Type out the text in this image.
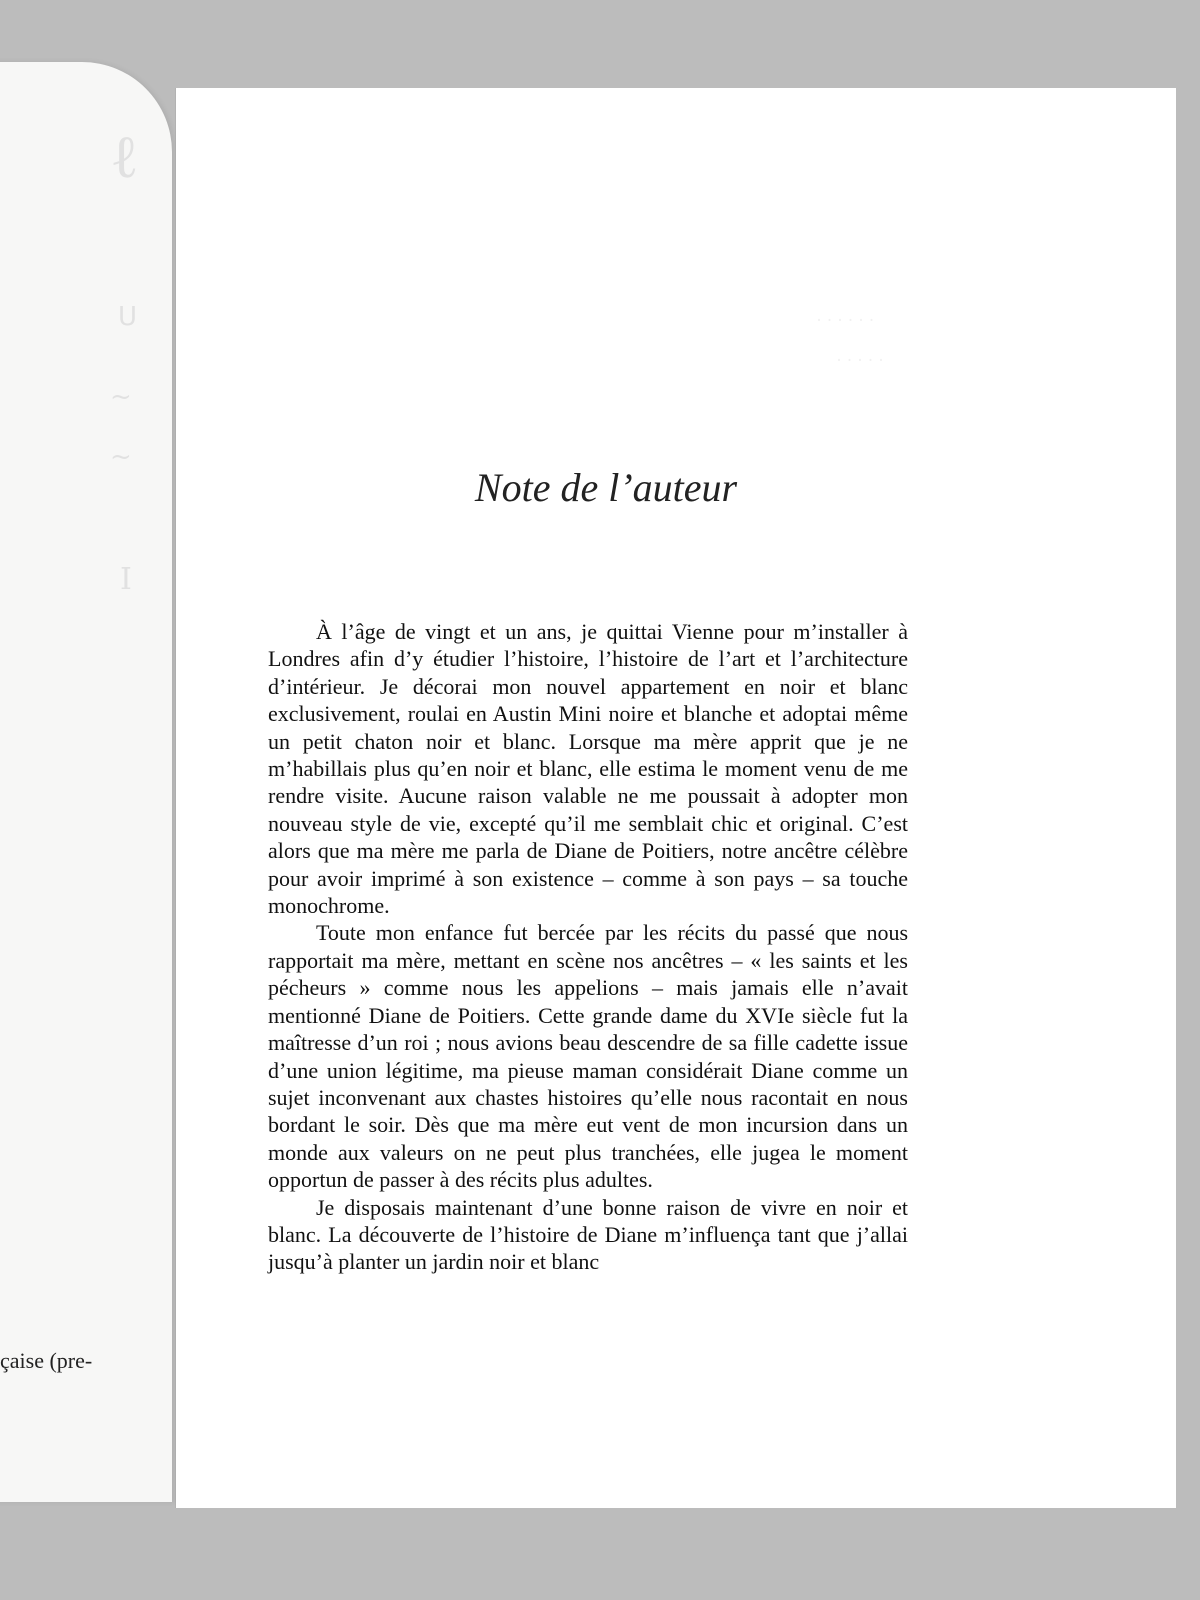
ℓ
ᑌ
~
~
I
çaise (pre-
· · · · · ·
· · · · ·
Note de l’auteur

À l’âge de vingt et un ans, je quittai Vienne pour m’installer à Londres afin d’y étudier l’histoire, l’histoire de l’art et l’architecture d’intérieur. Je décorai mon nouvel appartement en noir et blanc exclusivement, roulai en Austin Mini noire et blanche et adoptai même un petit chaton noir et blanc. Lorsque ma mère apprit que je ne m’habillais plus qu’en noir et blanc, elle estima le moment venu de me rendre visite. Aucune raison valable ne me poussait à adopter mon nouveau style de vie, excepté qu’il me semblait chic et original. C’est alors que ma mère me parla de Diane de Poitiers, notre ancêtre célèbre pour avoir imprimé à son existence – comme à son pays – sa touche monochrome.

Toute mon enfance fut bercée par les récits du passé que nous rapportait ma mère, mettant en scène nos ancêtres – « les saints et les pécheurs » comme nous les appelions – mais jamais elle n’avait mentionné Diane de Poitiers. Cette grande dame du XVIe siècle fut la maîtresse d’un roi ; nous avions beau descendre de sa fille cadette issue d’une union légitime, ma pieuse maman considérait Diane comme un sujet inconvenant aux chastes histoires qu’elle nous racontait en nous bordant le soir. Dès que ma mère eut vent de mon incursion dans un monde aux valeurs on ne peut plus tranchées, elle jugea le moment opportun de passer à des récits plus adultes.

Je disposais maintenant d’une bonne raison de vivre en noir et blanc. La découverte de l’histoire de Diane m’influença tant que j’allai jusqu’à planter un jardin noir et blanc
